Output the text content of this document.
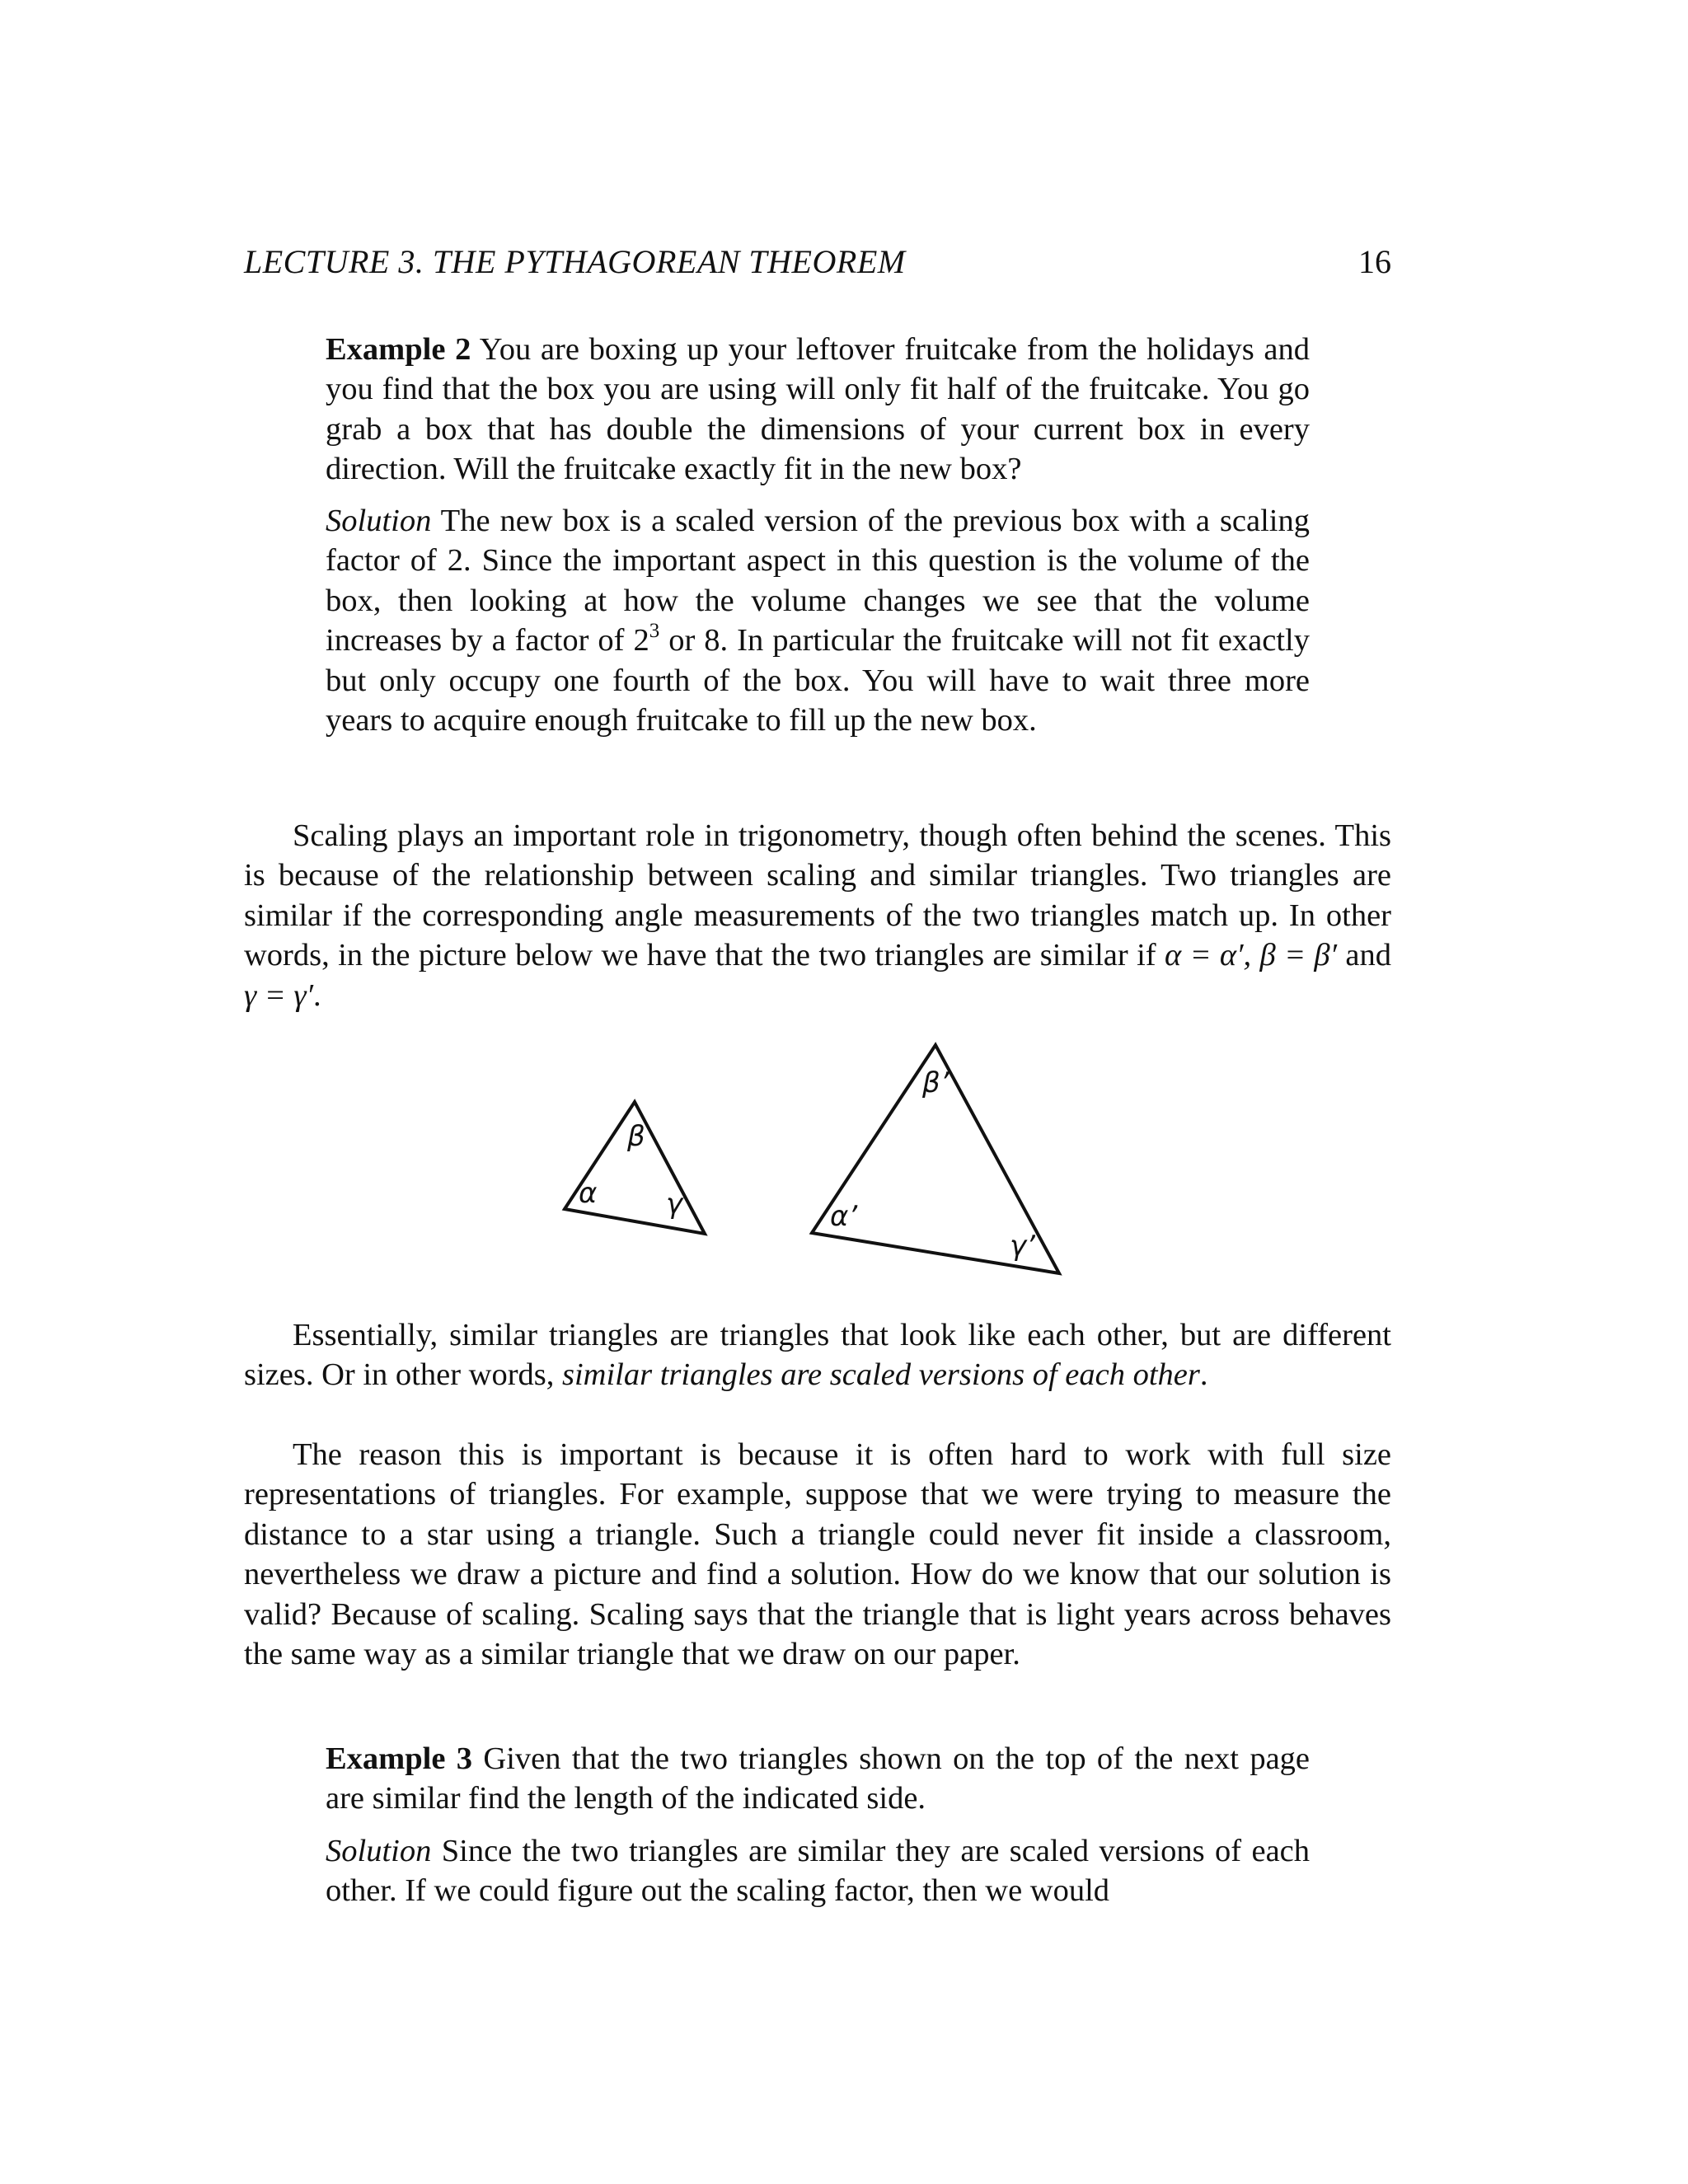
LECTURE 3. THE PYTHAGOREAN THEOREM	16

Example 2 You are boxing up your leftover fruitcake from the holidays and you find that the box you are using will only fit half of the fruitcake. You go grab a box that has double the dimensions of your current box in every direction. Will the fruitcake exactly fit in the new box?

Solution The new box is a scaled version of the previous box with a scaling factor of 2. Since the important aspect in this question is the volume of the box, then looking at how the volume changes we see that the volume increases by a factor of $2^3$ or 8. In particular the fruitcake will not fit exactly but only occupy one fourth of the box. You will have to wait three more years to acquire enough fruitcake to fill up the new box.

Scaling plays an important role in trigonometry, though often behind the scenes. This is because of the relationship between scaling and similar triangles. Two triangles are similar if the corresponding angle measurements of the two triangles match up. In other words, in the picture below we have that the two triangles are similar if α = α′, β = β′ and γ = γ′.

α
β
γ	α’
β’
γ’

Essentially, similar triangles are triangles that look like each other, but are different sizes. Or in other words, similar triangles are scaled versions of each other.

The reason this is important is because it is often hard to work with full size representations of triangles. For example, suppose that we were trying to measure the distance to a star using a triangle. Such a triangle could never fit inside a classroom, nevertheless we draw a picture and find a solution. How do we know that our solution is valid? Because of scaling. Scaling says that the triangle that is light years across behaves the same way as a similar triangle that we draw on our paper.

Example 3 Given that the two triangles shown on the top of the next page are similar find the length of the indicated side.

Solution Since the two triangles are similar they are scaled versions of each other. If we could figure out the scaling factor, then we would
